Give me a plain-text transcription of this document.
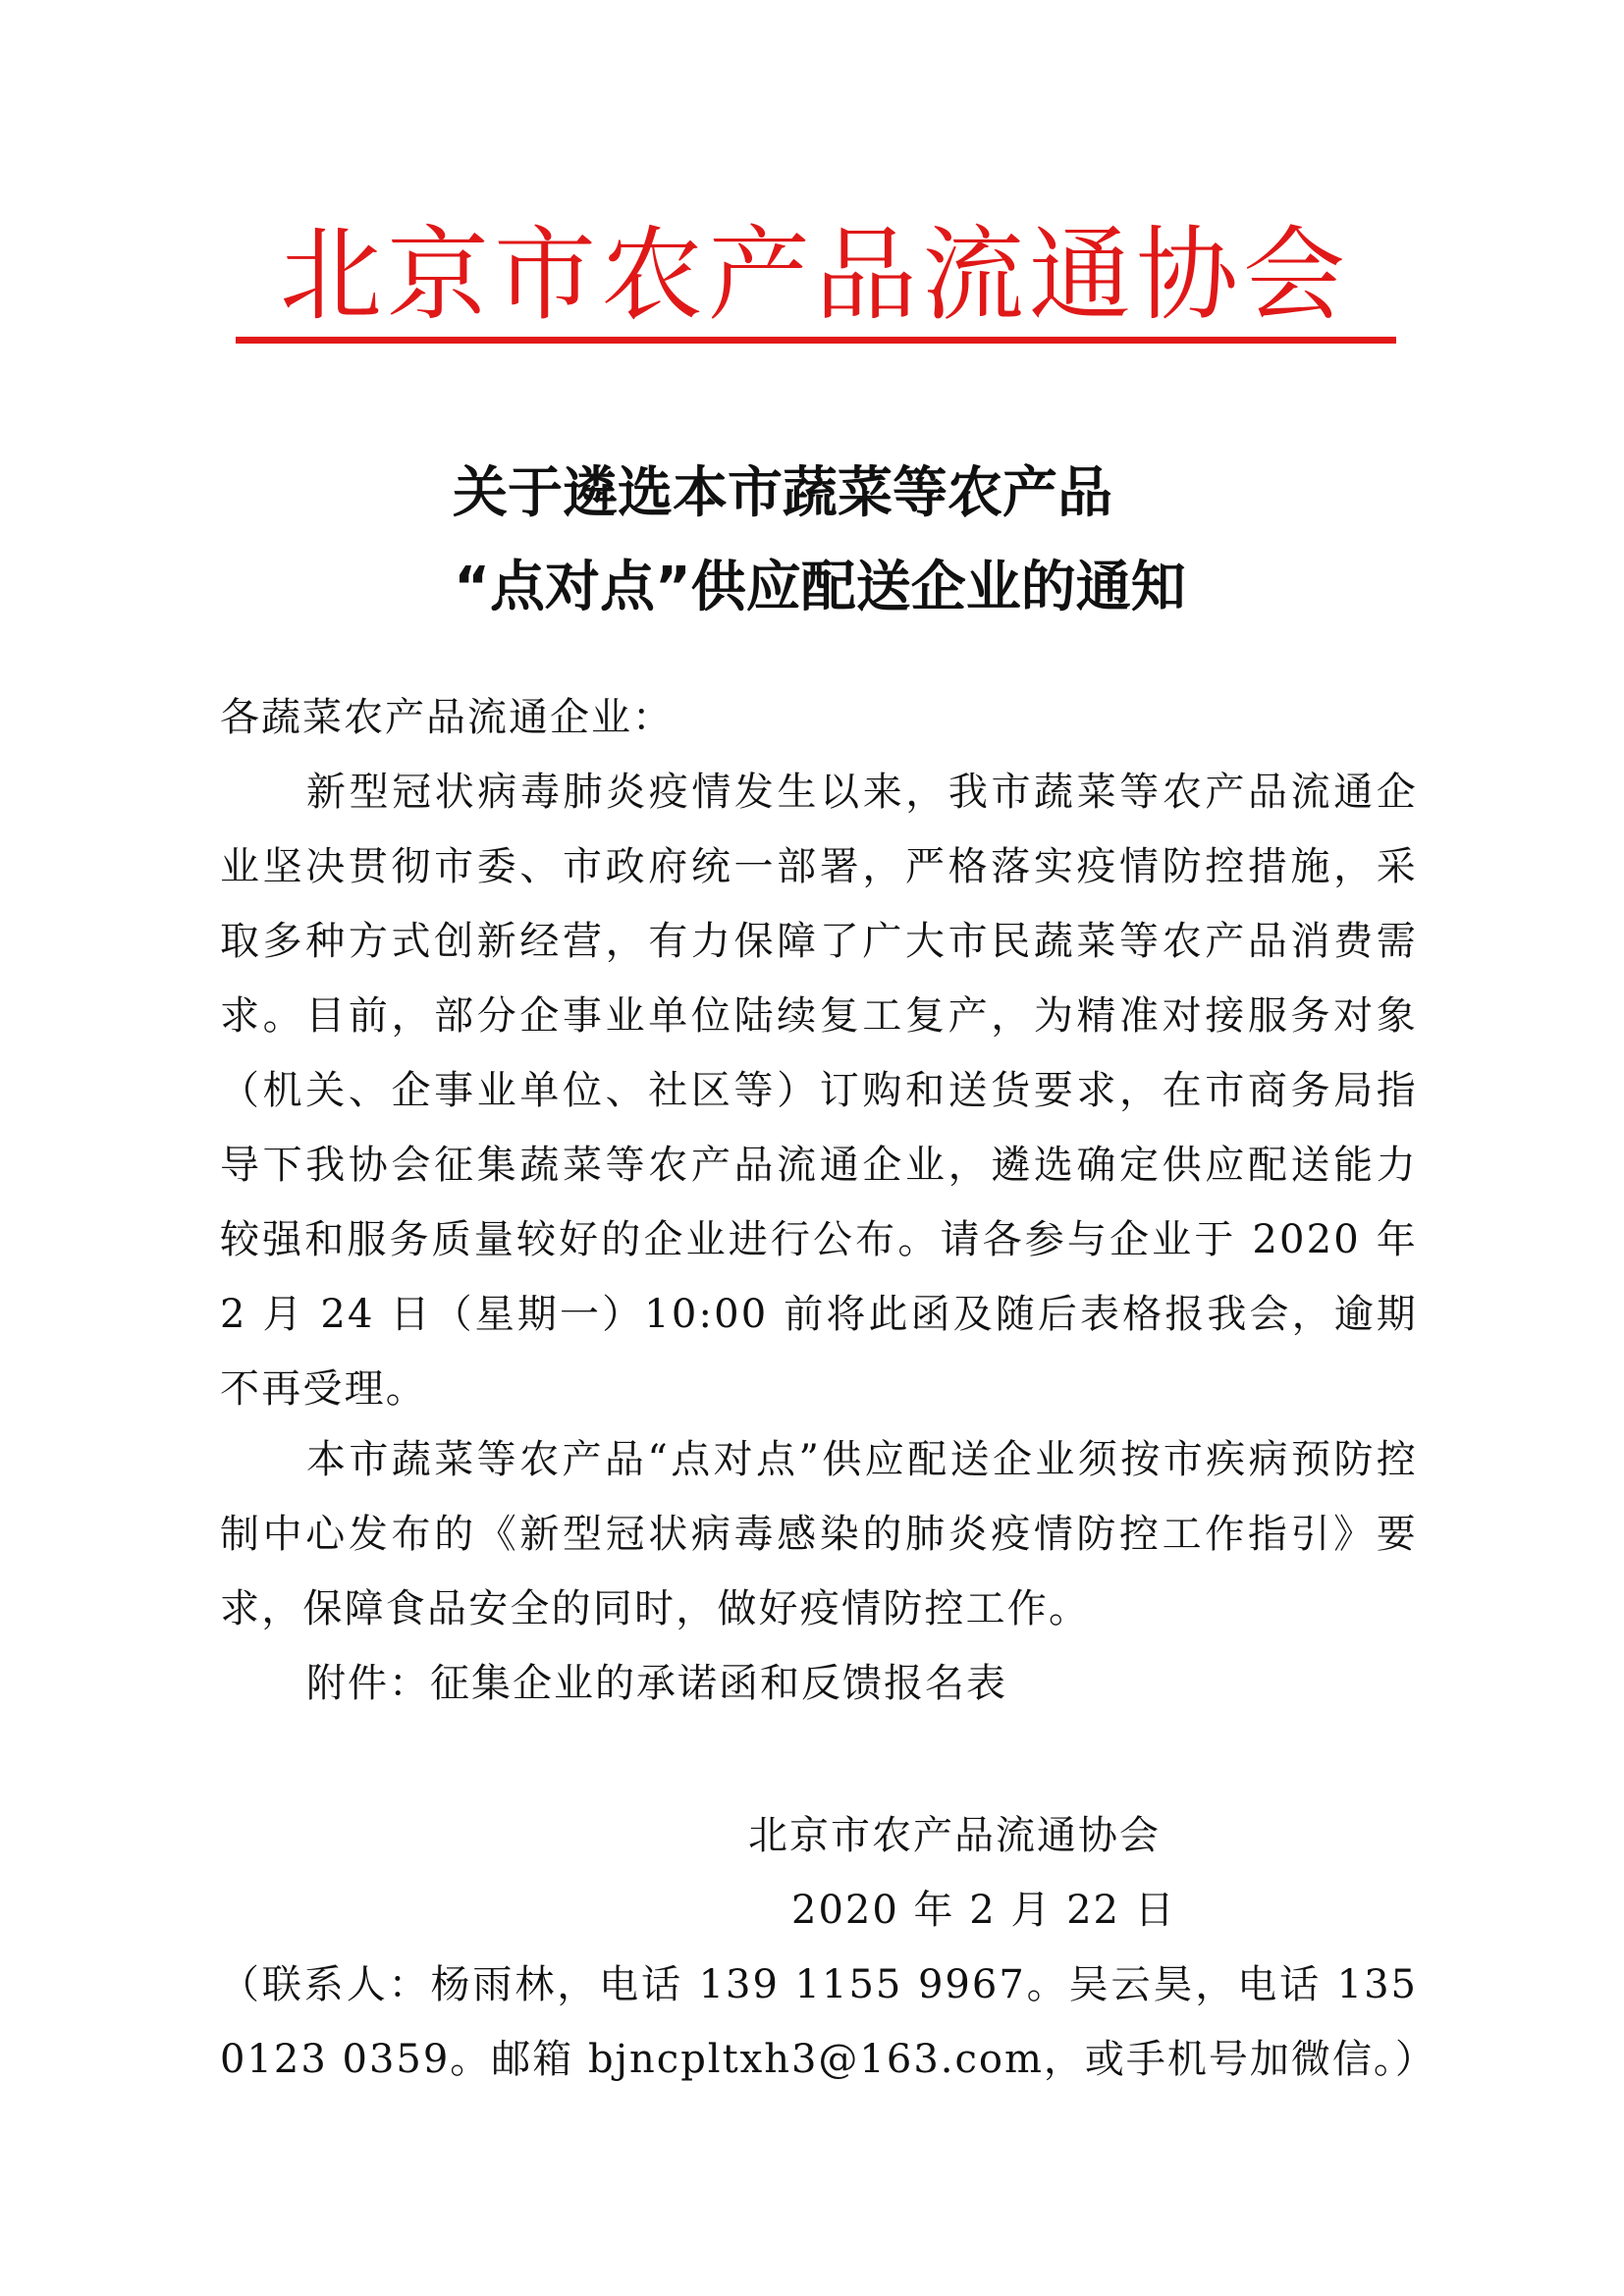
北京市农产品流通协会
关于遴选本市蔬菜等农产品
“点对点”供应配送企业的通知
各蔬菜农产品流通企业：
新型冠状病毒肺炎疫情发生以来，我市蔬菜等农产品流通企业坚决贯彻市委、市政府统一部署，严格落实疫情防控措施，采取多种方式创新经营，有力保障了广大市民蔬菜等农产品消费需求。目前，部分企事业单位陆续复工复产，为精准对接服务对象（机关、企事业单位、社区等）订购和送货要求，在市商务局指导下我协会征集蔬菜等农产品流通企业，遴选确定供应配送能力较强和服务质量较好的企业进行公布。请各参与企业于 2020 年 2 月 24 日（星期一）10:00 前将此函及随后表格报我会，逾期不再受理。
本市蔬菜等农产品“点对点”供应配送企业须按市疾病预防控制中心发布的《新型冠状病毒感染的肺炎疫情防控工作指引》要求，保障食品安全的同时，做好疫情防控工作。
附件：征集企业的承诺函和反馈报名表
北京市农产品流通协会
2020 年 2 月 22 日
（联系人：杨雨林，电话 139 1155 9967。吴云昊，电话 135 0123 0359。邮箱 bjncpltxh3@163.com，或手机号加微信。）
